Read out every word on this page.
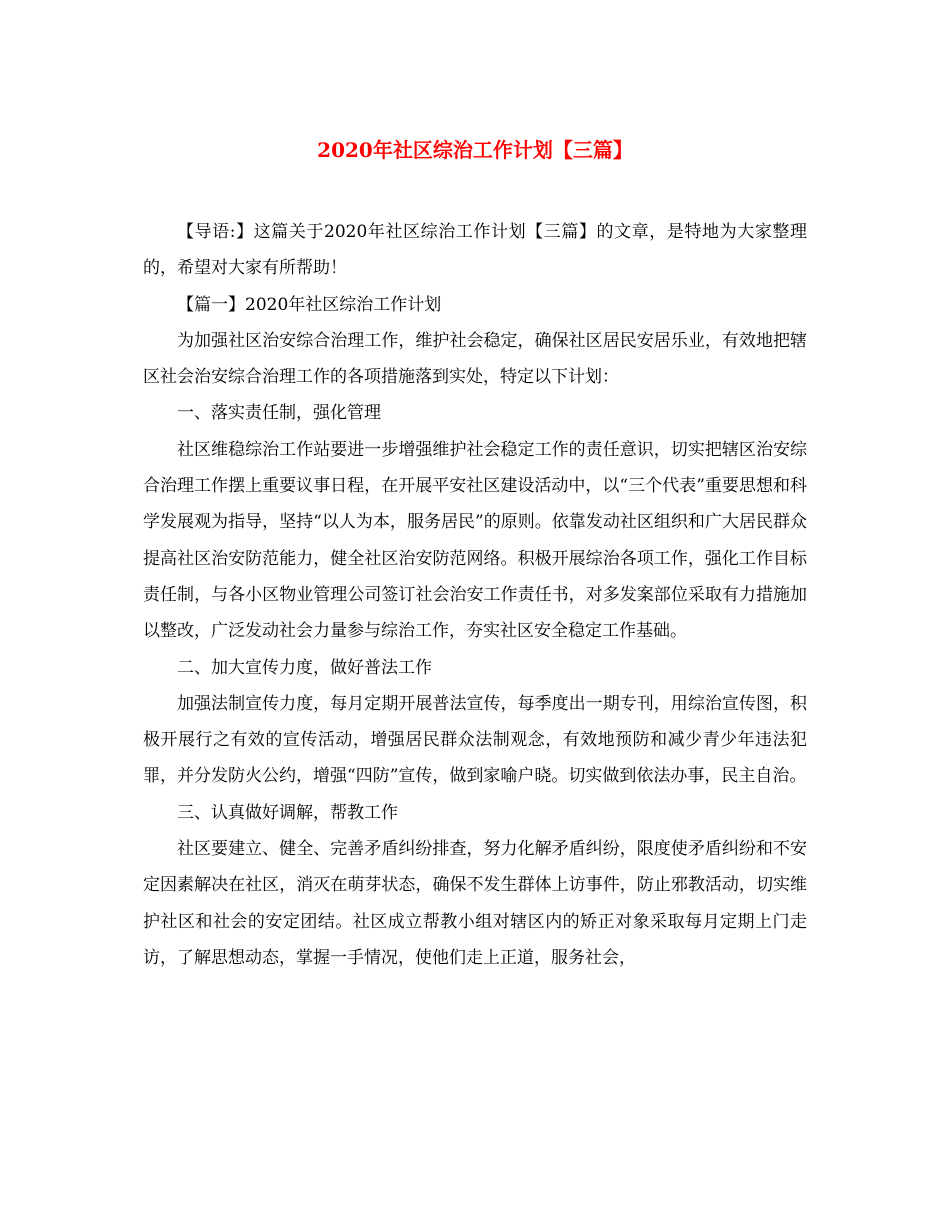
2020年社区综治工作计划【三篇】

【导语:】这篇关于2020年社区综治工作计划【三篇】的文章，是特地为大家整理的，希望对大家有所帮助！

【篇一】2020年社区综治工作计划

为加强社区治安综合治理工作，维护社会稳定，确保社区居民安居乐业，有效地把辖区社会治安综合治理工作的各项措施落到实处，特定以下计划：

一、落实责任制，强化管理

社区维稳综治工作站要进一步增强维护社会稳定工作的责任意识，切实把辖区治安综合治理工作摆上重要议事日程，在开展平安社区建设活动中，以“三个代表”重要思想和科学发展观为指导，坚持“以人为本，服务居民”的原则。依靠发动社区组织和广大居民群众提高社区治安防范能力，健全社区治安防范网络。积极开展综治各项工作，强化工作目标责任制，与各小区物业管理公司签订社会治安工作责任书，对多发案部位采取有力措施加以整改，广泛发动社会力量参与综治工作，夯实社区安全稳定工作基础。

二、加大宣传力度，做好普法工作

加强法制宣传力度，每月定期开展普法宣传，每季度出一期专刊，用综治宣传图，积极开展行之有效的宣传活动，增强居民群众法制观念，有效地预防和减少青少年违法犯罪，并分发防火公约，增强“四防”宣传，做到家喻户晓。切实做到依法办事，民主自治。

三、认真做好调解，帮教工作

社区要建立、健全、完善矛盾纠纷排查，努力化解矛盾纠纷，限度使矛盾纠纷和不安定因素解决在社区，消灭在萌芽状态，确保不发生群体上访事件，防止邪教活动，切实维护社区和社会的安定团结。社区成立帮教小组对辖区内的矫正对象采取每月定期上门走访，了解思想动态，掌握一手情况，使他们走上正道，服务社会，
